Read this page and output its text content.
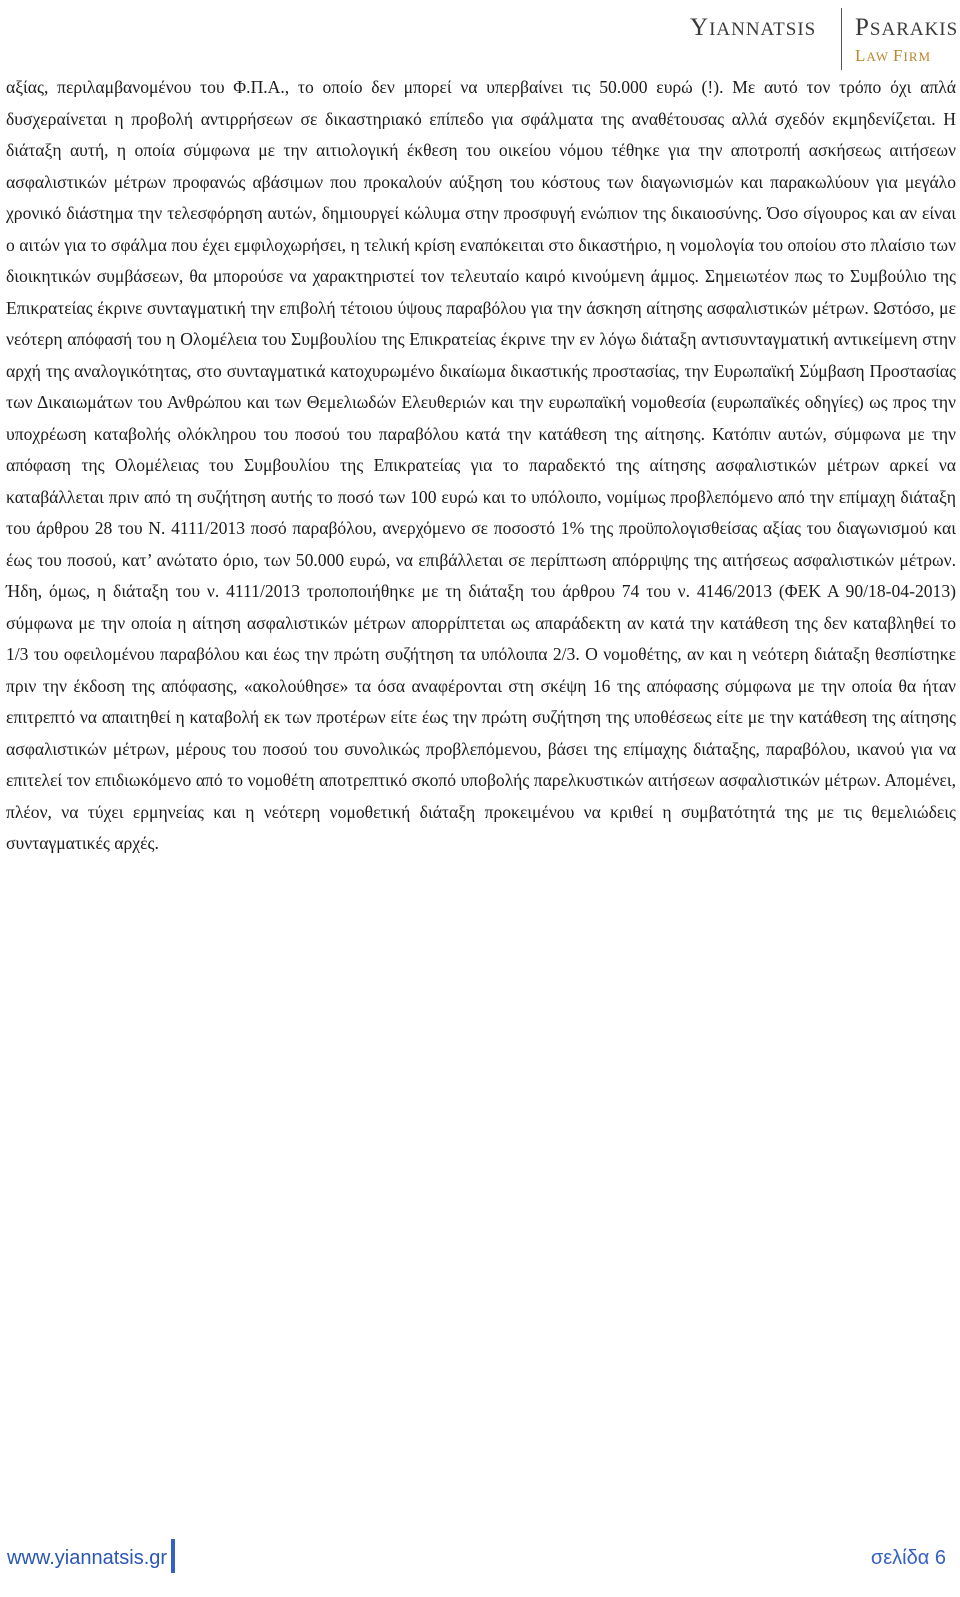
YIANNATSIS PSARAKIS
LAW FIRM

αξίας, περιλαμβανομένου του Φ.Π.Α., το οποίο δεν μπορεί να υπερβαίνει τις 50.000 ευρώ (!). Με αυτό τον τρόπο όχι απλά δυσχεραίνεται η προβολή αντιρρήσεων σε δικαστηριακό επίπεδο για σφάλματα της αναθέτουσας αλλά σχεδόν εκμηδενίζεται. Η διάταξη αυτή, η οποία σύμφωνα με την αιτιολογική έκθεση του οικείου νόμου τέθηκε για την αποτροπή ασκήσεως αιτήσεων ασφαλιστικών μέτρων προφανώς αβάσιμων που προκαλούν αύξηση του κόστους των διαγωνισμών και παρακωλύουν για μεγάλο χρονικό διάστημα την τελεσφόρηση αυτών, δημιουργεί κώλυμα στην προσφυγή ενώπιον της δικαιοσύνης. Όσο σίγουρος και αν είναι ο αιτών για το σφάλμα που έχει εμφιλοχωρήσει, η τελική κρίση εναπόκειται στο δικαστήριο, η νομολογία του οποίου στο πλαίσιο των διοικητικών συμβάσεων, θα μπορούσε να χαρακτηριστεί τον τελευταίο καιρό κινούμενη άμμος. Σημειωτέον πως το Συμβούλιο της Επικρατείας έκρινε συνταγματική την επιβολή τέτοιου ύψους παραβόλου για την άσκηση αίτησης ασφαλιστικών μέτρων. Ωστόσο, με νεότερη απόφασή του η Ολομέλεια του Συμβουλίου της Επικρατείας έκρινε την εν λόγω διάταξη αντισυνταγματική αντικείμενη στην αρχή της αναλογικότητας, στο συνταγματικά κατοχυρωμένο δικαίωμα δικαστικής προστασίας, την Ευρωπαϊκή Σύμβαση Προστασίας των Δικαιωμάτων του Ανθρώπου και των Θεμελιωδών Ελευθεριών και την ευρωπαϊκή νομοθεσία (ευρωπαϊκές οδηγίες) ως προς την υποχρέωση καταβολής ολόκληρου του ποσού του παραβόλου κατά την κατάθεση της αίτησης. Κατόπιν αυτών, σύμφωνα με την απόφαση της Ολομέλειας του Συμβουλίου της Επικρατείας για το παραδεκτό της αίτησης ασφαλιστικών μέτρων αρκεί να καταβάλλεται πριν από τη συζήτηση αυτής το ποσό των 100 ευρώ και το υπόλοιπο, νομίμως προβλεπόμενο από την επίμαχη διάταξη του άρθρου 28 του Ν. 4111/2013 ποσό παραβόλου, ανερχόμενο σε ποσοστό 1% της προϋπολογισθείσας αξίας του διαγωνισμού και έως του ποσού, κατ’ ανώτατο όριο, των 50.000 ευρώ, να επιβάλλεται σε περίπτωση απόρριψης της αιτήσεως ασφαλιστικών μέτρων. Ήδη, όμως, η διάταξη του ν. 4111/2013 τροποποιήθηκε με τη διάταξη του άρθρου 74 του ν. 4146/2013 (ΦΕΚ Α 90/18-04-2013) σύμφωνα με την οποία η αίτηση ασφαλιστικών μέτρων απορρίπτεται ως απαράδεκτη αν κατά την κατάθεση της δεν καταβληθεί το 1/3 του οφειλομένου παραβόλου και έως την πρώτη συζήτηση τα υπόλοιπα 2/3. Ο νομοθέτης, αν και η νεότερη διάταξη θεσπίστηκε πριν την έκδοση της απόφασης, «ακολούθησε» τα όσα αναφέρονται στη σκέψη 16 της απόφασης σύμφωνα με την οποία θα ήταν επιτρεπτό να απαιτηθεί η καταβολή εκ των προτέρων είτε έως την πρώτη συζήτηση της υποθέσεως είτε με την κατάθεση της αίτησης ασφαλιστικών μέτρων, μέρους του ποσού του συνολικώς προβλεπόμενου, βάσει της επίμαχης διάταξης, παραβόλου, ικανού για να επιτελεί τον επιδιωκόμενο από το νομοθέτη αποτρεπτικό σκοπό υποβολής παρελκυστικών αιτήσεων ασφαλιστικών μέτρων. Απομένει, πλέον, να τύχει ερμηνείας και η νεότερη νομοθετική διάταξη προκειμένου να κριθεί η συμβατότητά της με τις θεμελιώδεις συνταγματικές αρχές.

www.yiannatsis.gr	σελίδα 6
